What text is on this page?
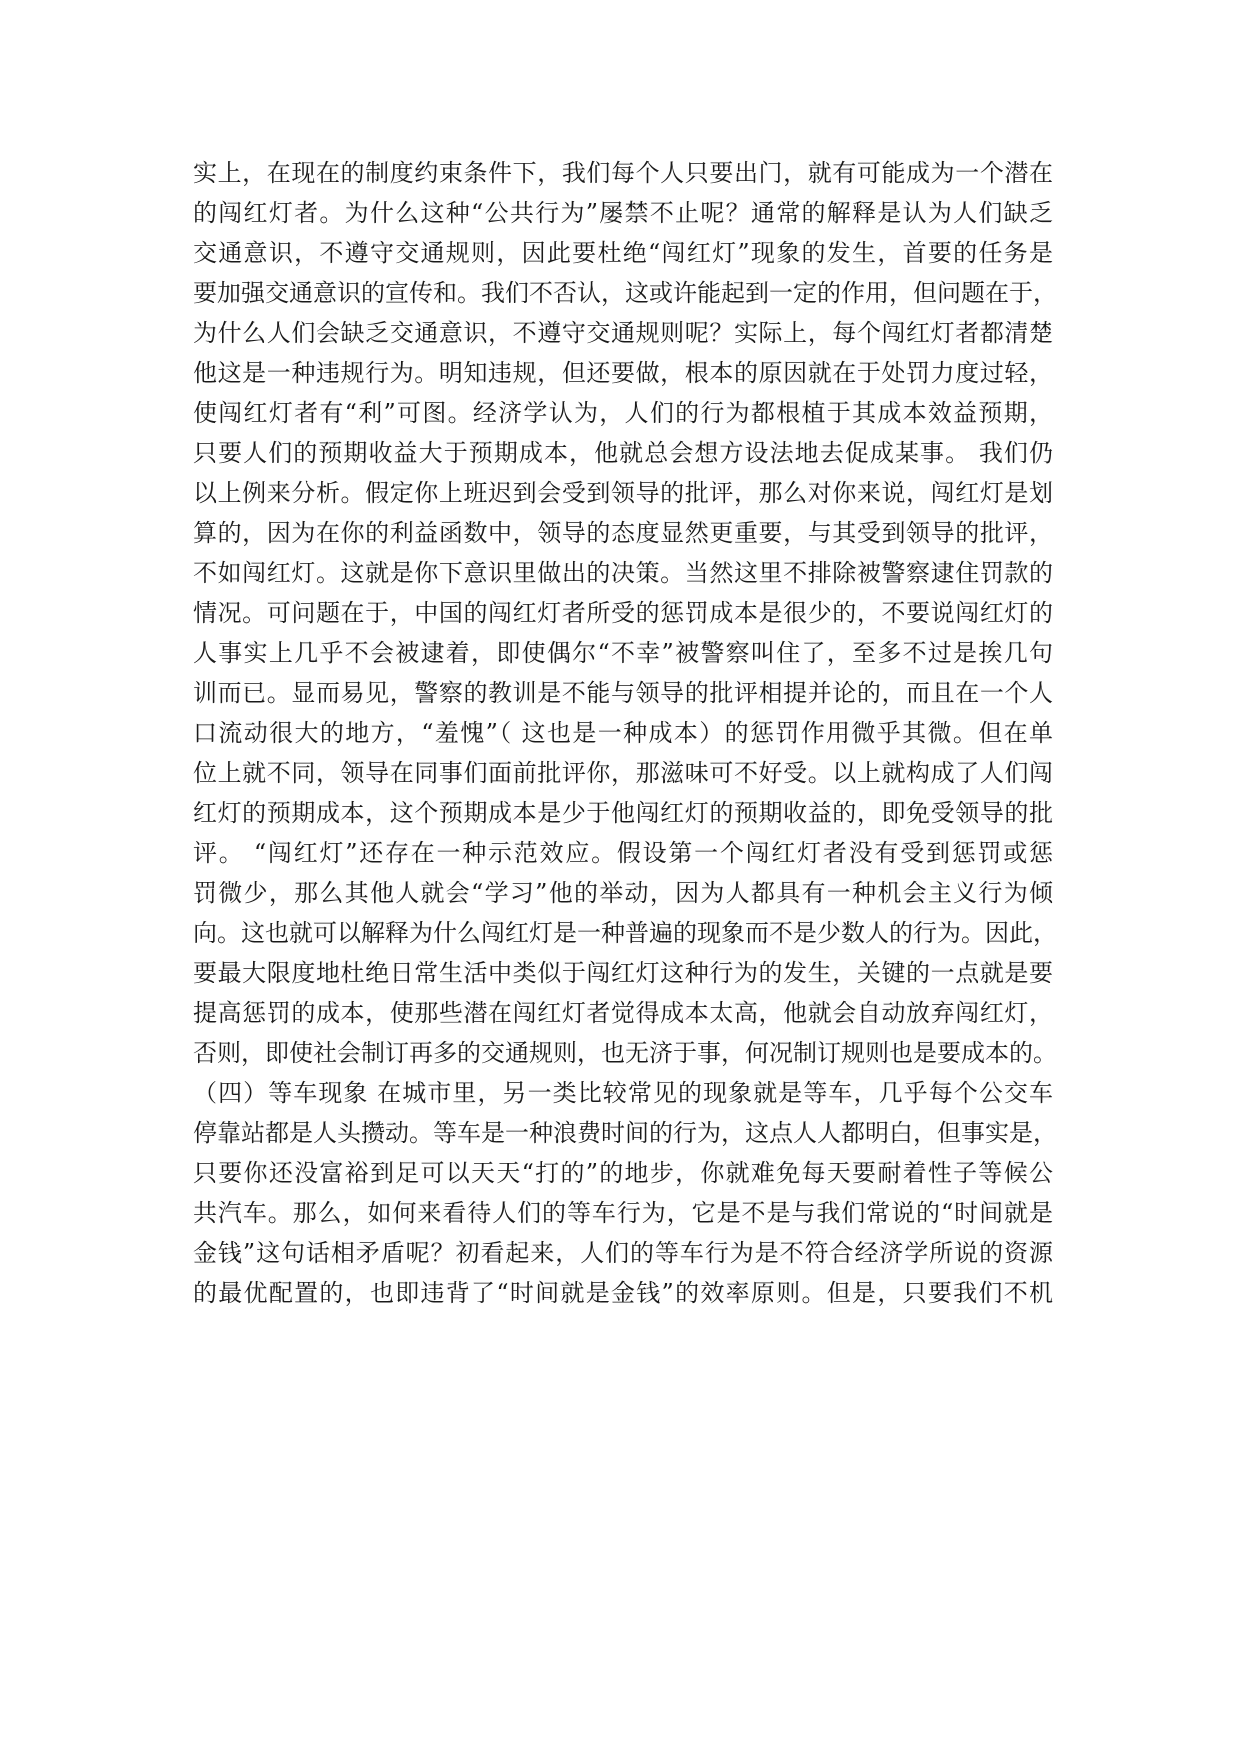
实上，在现在的制度约束条件下，我们每个人只要出门，就有可能成为一个潜在
的闯红灯者。为什么这种“公共行为”屡禁不止呢？通常的解释是认为人们缺乏
交通意识，不遵守交通规则，因此要杜绝“闯红灯”现象的发生，首要的任务是
要加强交通意识的宣传和。我们不否认，这或许能起到一定的作用，但问题在于，
为什么人们会缺乏交通意识，不遵守交通规则呢？实际上，每个闯红灯者都清楚
他这是一种违规行为。明知违规，但还要做，根本的原因就在于处罚力度过轻，
使闯红灯者有“利”可图。经济学认为，人们的行为都根植于其成本效益预期，
只要人们的预期收益大于预期成本，他就总会想方设法地去促成某事。 我们仍
以上例来分析。假定你上班迟到会受到领导的批评，那么对你来说，闯红灯是划
算的，因为在你的利益函数中，领导的态度显然更重要，与其受到领导的批评，
不如闯红灯。这就是你下意识里做出的决策。当然这里不排除被警察逮住罚款的
情况。可问题在于，中国的闯红灯者所受的惩罚成本是很少的，不要说闯红灯的
人事实上几乎不会被逮着，即使偶尔“不幸”被警察叫住了，至多不过是挨几句
训而已。显而易见，警察的教训是不能与领导的批评相提并论的，而且在一个人
口流动很大的地方，“羞愧”（ 这也是一种成本）的惩罚作用微乎其微。但在单
位上就不同，领导在同事们面前批评你，那滋味可不好受。以上就构成了人们闯
红灯的预期成本，这个预期成本是少于他闯红灯的预期收益的，即免受领导的批
评。 “闯红灯”还存在一种示范效应。假设第一个闯红灯者没有受到惩罚或惩
罚微少，那么其他人就会“学习”他的举动，因为人都具有一种机会主义行为倾
向。这也就可以解释为什么闯红灯是一种普遍的现象而不是少数人的行为。因此，
要最大限度地杜绝日常生活中类似于闯红灯这种行为的发生，关键的一点就是要
提高惩罚的成本，使那些潜在闯红灯者觉得成本太高，他就会自动放弃闯红灯，
否则，即使社会制订再多的交通规则，也无济于事，何况制订规则也是要成本的。
（四）等车现象 在城市里，另一类比较常见的现象就是等车，几乎每个公交车
停靠站都是人头攒动。等车是一种浪费时间的行为，这点人人都明白，但事实是，
只要你还没富裕到足可以天天“打的”的地步，你就难免每天要耐着性子等候公
共汽车。那么，如何来看待人们的等车行为，它是不是与我们常说的“时间就是
金钱”这句话相矛盾呢？初看起来，人们的等车行为是不符合经济学所说的资源
的最优配置的，也即违背了“时间就是金钱”的效率原则。但是，只要我们不机
